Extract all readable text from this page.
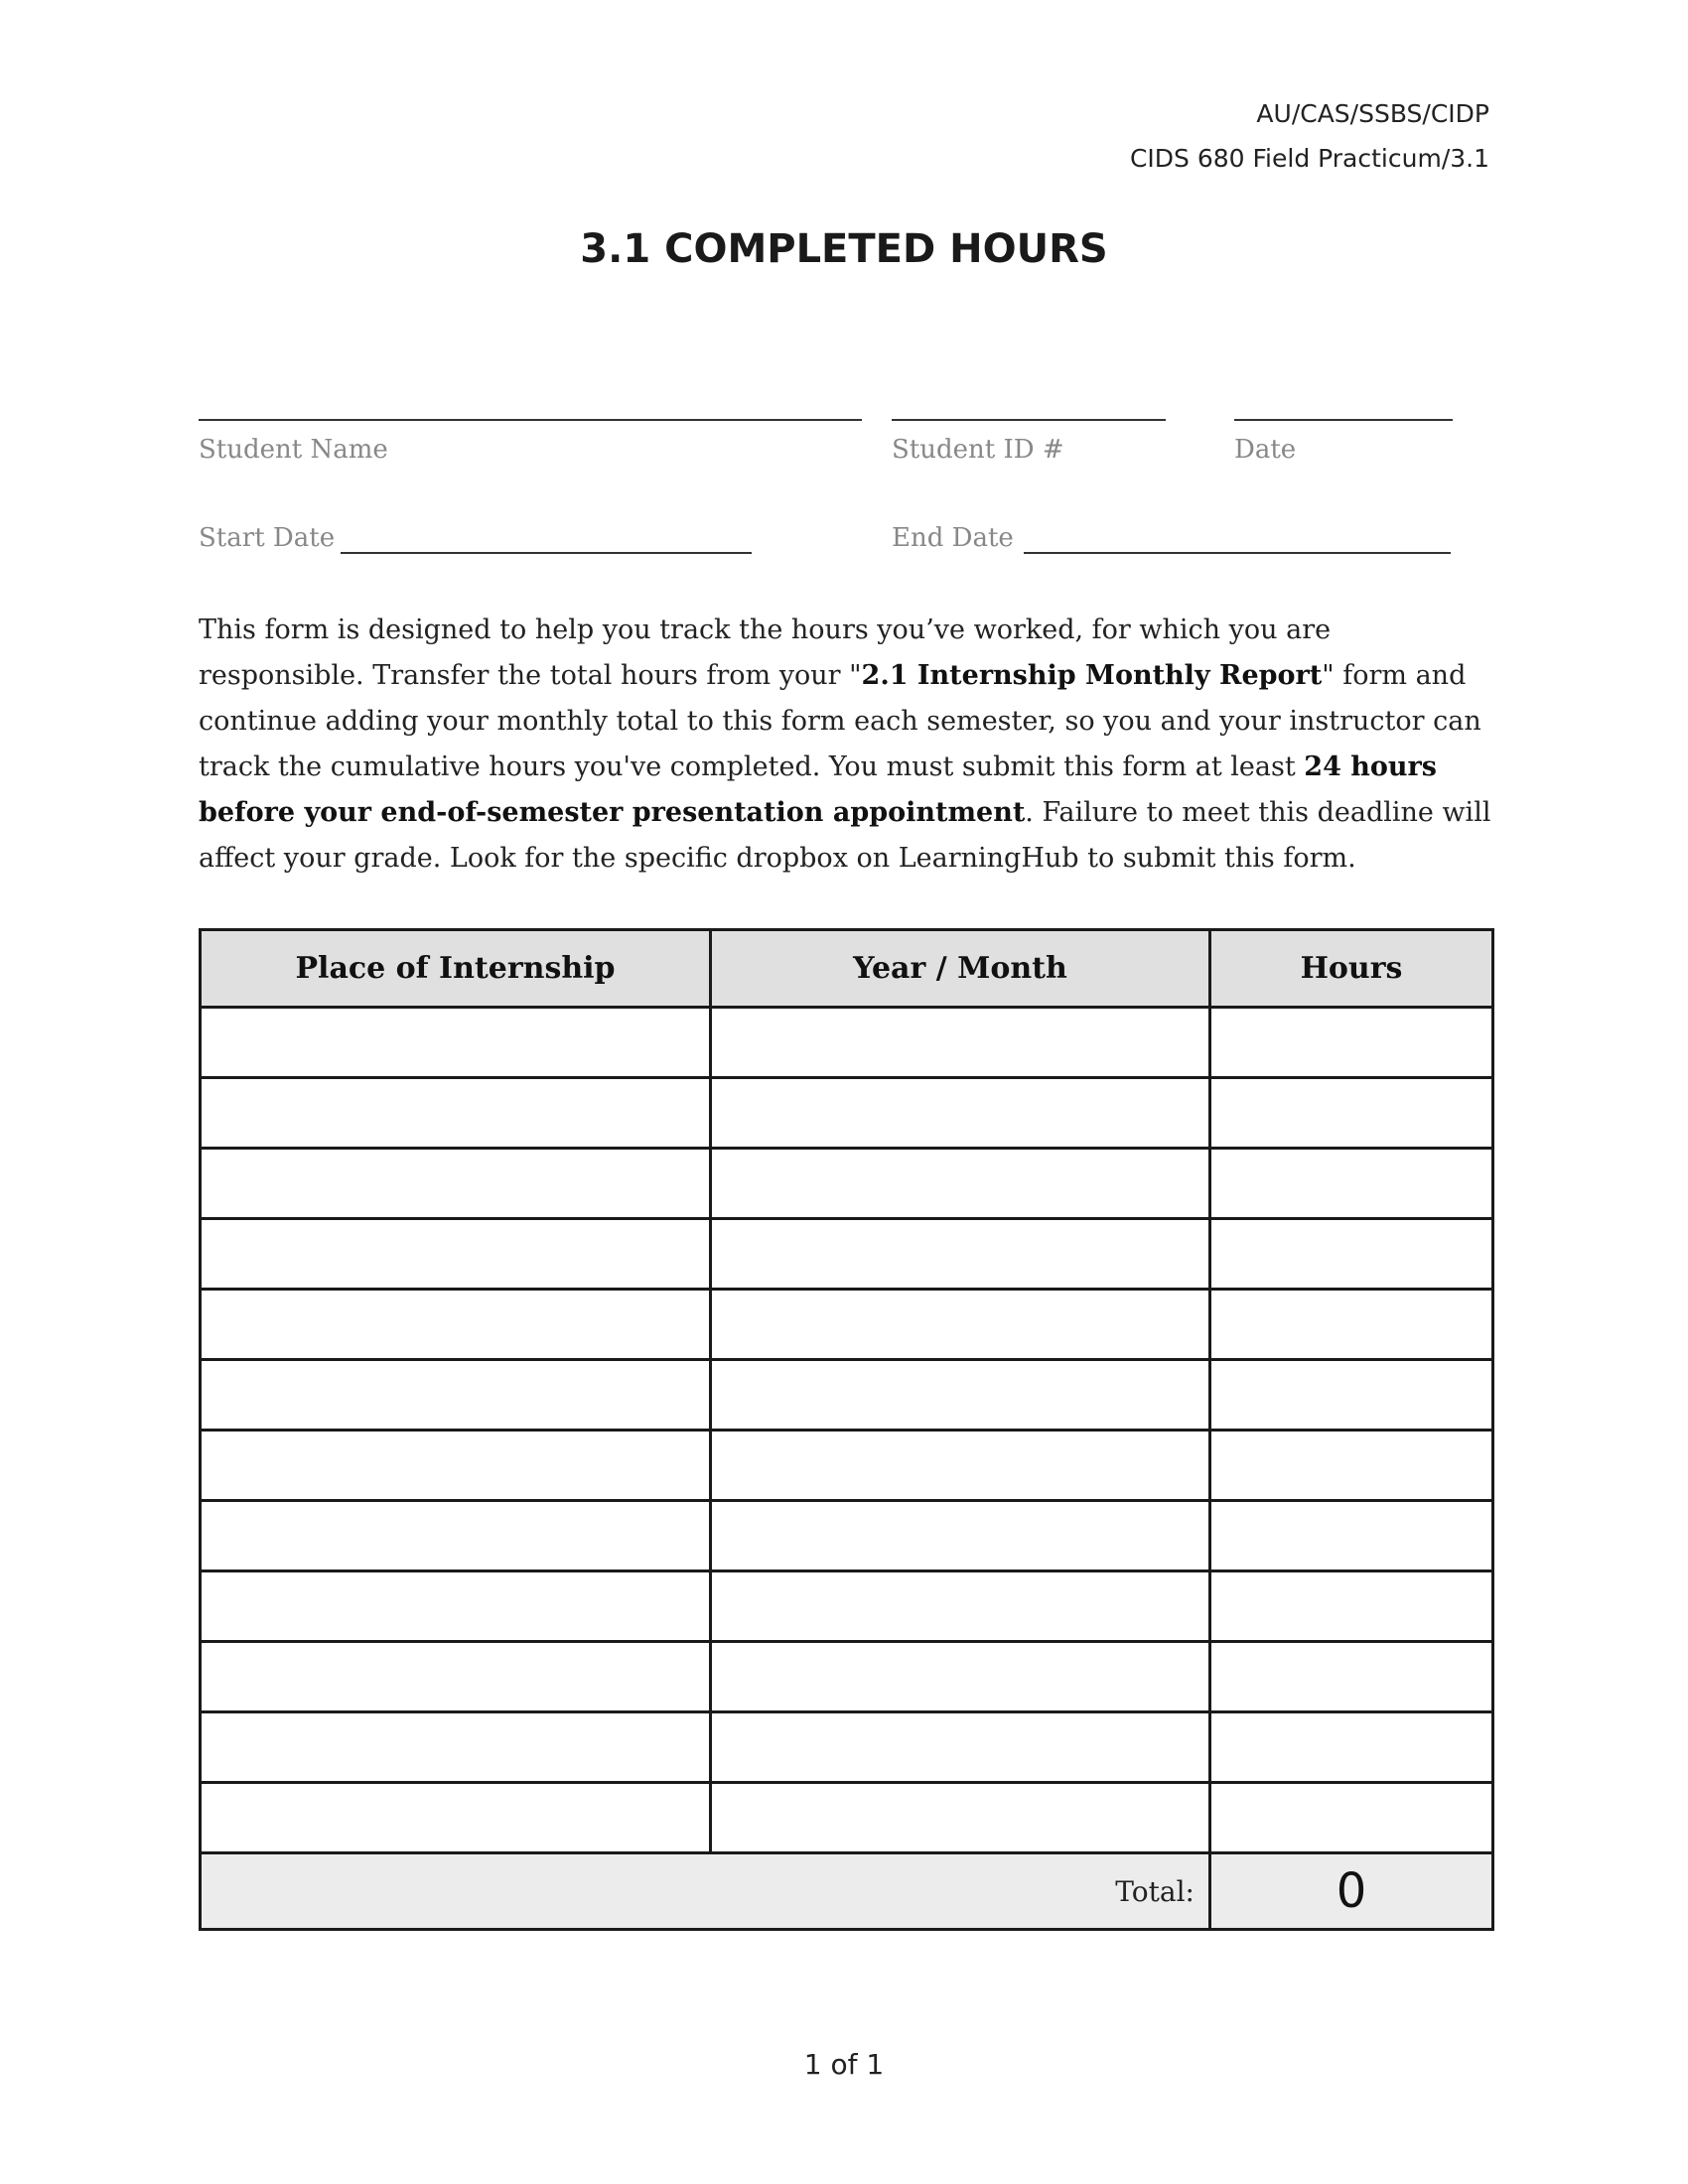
AU/CAS/SSBS/CIDP
CIDS 680 Field Practicum/3.1
3.1 COMPLETED HOURS
Student Name	Student ID #	Date
Start Date	End Date
This form is designed to help you track the hours you’ve worked, for which you are responsible. Transfer the total hours from your "2.1 Internship Monthly Report" form and continue adding your monthly total to this form each semester, so you and your instructor can track the cumulative hours you've completed. You must submit this form at least 24 hours before your end-of-semester presentation appointment. Failure to meet this deadline will affect your grade. Look for the specific dropbox on LearningHub to submit this form.
Place of Internship	Year / Month	Hours

Total:		0
1 of 1
